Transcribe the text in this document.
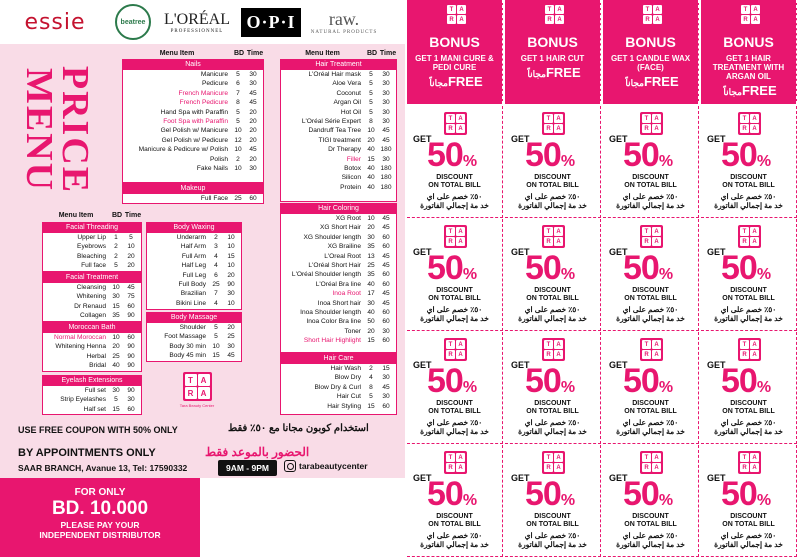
essie	beatree	L'ORÉAL
PROFESSIONNEL O·P·I raw.
NATURAL PRODUCTS
PRICE
MENU
Menu Item	BD Time	Menu Item	BD Time
Menu Item	BD Time
Nails
Manicure	5	30
Pedicure	6	30
French Manicure	7	45
French Pedicure	8	45
Hand Spa with Paraffin	5	20
Foot Spa with Paraffin	5	20
Gel Polish w/ Manicure 10	20
Gel Polish w/ Pedicure 12	20
Manicure & Pedicure w/ Polish 10	45
Polish	2	20
Fake Nails 10	30
Makeup
Full Face 25	60
Hair Treatment
L'Oréal Hair mask	5	30
Aloe Vera	5	30
Coconut	5	30
Argan Oil	5	30
Hot Oil	5	30
L'Oréal Série Expert	8	30
Dandruff Tea Tree 10	45
TIGI treatment 20	45
Dr Therapy 40 180
Filler 15	30
Botox 40 180
Silicon 40 180
Protein 40 180
Hair Coloring
XG Root 10	45
XG Short Hair 20	45
XG Shoulder length 30	60
XG Brailine 35	60
L'Oreal Root 13	45
L'Oréal Short Hair 25	45
L'Oréal Shoulder length 35	60
L'Oréal Bra line 40	60
Inoa Root 17	45
Inoa Short hair 30	45
Inoa Shoulder length 40	60
Inoa Color Bra line 50	60
Toner 20	30
Short Hair Highlight 15	60
Hair Care
Hair Wash	2	15
Blow Dry	4	30
Blow Dry & Curl	8	45
Hair Cut	5	30
Hair Styling 15	60
Facial Threading
Upper Lip	1	5
Eyebrows	2	10
Bleaching	2	20
Full face	5	20
Facial Treatment
Cleansing 10	45
Whitening 30	75
Dr Renaud 15	60
Collagen 35	90
Moroccan Bath
Normal Moroccan 10	60
Whitening Henna 20	90
Herbal 25	90
Bridal 40	90
Eyelash Extensions
Full set 30	90
Strip Eyelashes	5	30
Half set 15	60
Body Waxing
Underarm	2	10
Half Arm	3	10
Full Arm	4	15
Half Leg	4	10
Full Leg	6	20
Full Body 25	90
Brazilian	7	30
Bikini Line	4	10
Body Massage
Shoulder	5	20
Foot Massage	5	25
Body 30 min 10	30
Body 45 min 15	45
T A
R A
Tara Beauty Center
USE FREE COUPON WITH 50% ONLY	استخدام كوبون مجانا مع ٥٠٪ فقط
BY APPOINTMENTS ONLY	الحضور بالموعد فقط
SAAR BRANCH, Avanue 13, Tel: 17590332	9AM - 9PM	tarabeautycenter
FOR ONLY
BD. 10.000
PLEASE PAY YOUR
INDEPENDENT DISTRIBUTOR
T	A
R A
BONUS
GET 1 MANI CURE & PEDI CURE
مجاناًFREE
T	A
R A
BONUS
GET 1 HAIR CUT
مجاناًFREE
T	A
R A
BONUS
GET 1 CANDLE WAX (FACE)
مجاناًFREE
T	A
R A
BONUS
GET 1 HAIR TREATMENT WITH ARGAN OIL
مجاناًFREE
T	A
R A
GET
50%
DISCOUNT
ON TOTAL BILL
٥٠٪ خصم على اي
خد مة إجمالي الفاتورة
T	A
R A
GET
50%
DISCOUNT
ON TOTAL BILL
٥٠٪ خصم على اي
خد مة إجمالي الفاتورة
T	A
R A
GET
50%
DISCOUNT
ON TOTAL BILL
٥٠٪ خصم على اي
خد مة إجمالي الفاتورة
T	A
R A
GET
50%
DISCOUNT
ON TOTAL BILL
٥٠٪ خصم على اي
خد مة إجمالي الفاتورة
T	A
R A
GET
50%
DISCOUNT
ON TOTAL BILL
٥٠٪ خصم على اي
خد مة إجمالي الفاتورة
T	A
R A
GET
50%
DISCOUNT
ON TOTAL BILL
٥٠٪ خصم على اي
خد مة إجمالي الفاتورة
T	A
R A
GET
50%
DISCOUNT
ON TOTAL BILL
٥٠٪ خصم على اي
خد مة إجمالي الفاتورة
T	A
R A
GET
50%
DISCOUNT
ON TOTAL BILL
٥٠٪ خصم على اي
خد مة إجمالي الفاتورة
T	A
R A
GET
50%
DISCOUNT
ON TOTAL BILL
٥٠٪ خصم على اي
خد مة إجمالي الفاتورة
T	A
R A
GET
50%
DISCOUNT
ON TOTAL BILL
٥٠٪ خصم على اي
خد مة إجمالي الفاتورة
T	A
R A
GET
50%
DISCOUNT
ON TOTAL BILL
٥٠٪ خصم على اي
خد مة إجمالي الفاتورة
T	A
R A
GET
50%
DISCOUNT
ON TOTAL BILL
٥٠٪ خصم على اي
خد مة إجمالي الفاتورة
T	A
R A
GET
50%
DISCOUNT
ON TOTAL BILL
٥٠٪ خصم على اي
خد مة إجمالي الفاتورة
T	A
R A
GET
50%
DISCOUNT
ON TOTAL BILL
٥٠٪ خصم على اي
خد مة إجمالي الفاتورة
T	A
R A
GET
50%
DISCOUNT
ON TOTAL BILL
٥٠٪ خصم على اي
خد مة إجمالي الفاتورة
T	A
R A
GET
50%
DISCOUNT
ON TOTAL BILL
٥٠٪ خصم على اي
خد مة إجمالي الفاتورة
